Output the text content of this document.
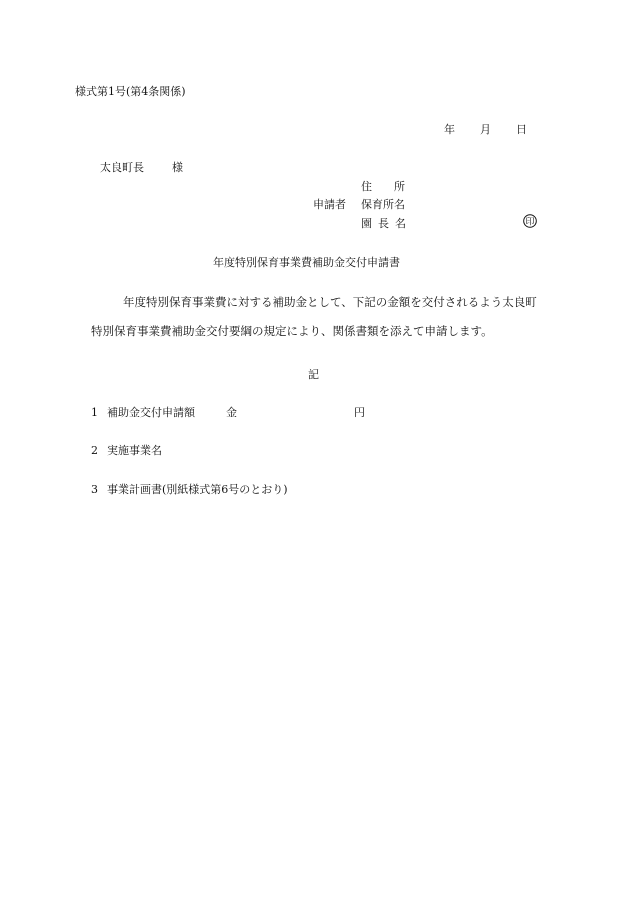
様式第1号(第4条関係)
年 月 日
太良町長	様
住 所
申請者 保育所名
園 長 名	印
年度特別保育事業費補助金交付申請書
年度特別保育事業費に対する補助金として、下記の金額を交付されるよう太良町
特別保育事業費補助金交付要綱の規定により、関係書類を添えて申請します。
記
1 補助金交付申請額	金	円
2 実施事業名
3 事業計画書(別紙様式第6号のとおり)
